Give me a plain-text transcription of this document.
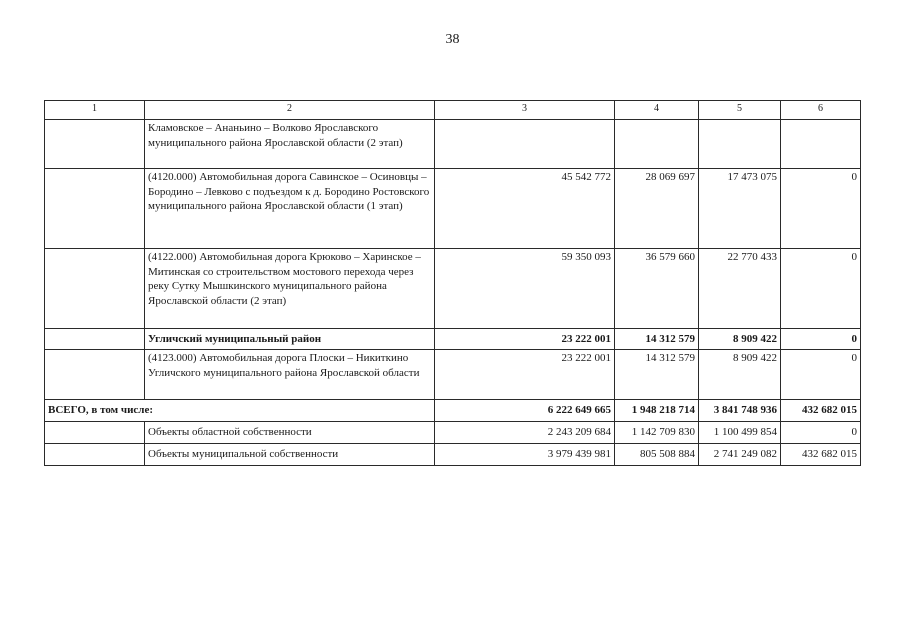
38
1	2	3	4	5	6
	Кламовское – Ананьино – Волково Ярославского муниципального района Ярославской области (2 этап)				
	(4120.000) Автомобильная дорога Савинское – Осиновцы – Бородино – Левково с подъездом к д. Бородино Ростовского муниципального района Ярославской области (1 этап)	45 542 772	28 069 697	17 473 075	0
	(4122.000) Автомобильная дорога Крюково – Харинское – Митинская со строительством мостового перехода через реку Сутку Мышкинского муниципального района Ярославской области (2 этап)	59 350 093	36 579 660	22 770 433	0
	Угличский муниципальный район	23 222 001	14 312 579	8 909 422	0
	(4123.000) Автомобильная дорога Плоски – Никиткино Угличского муниципального района Ярославской области	23 222 001	14 312 579	8 909 422	0
ВСЕГО, в том числе:		6 222 649 665	1 948 218 714	3 841 748 936	432 682 015
	Объекты областной собственности	2 243 209 684	1 142 709 830	1 100 499 854	0
	Объекты муниципальной собственности	3 979 439 981	805 508 884	2 741 249 082	432 682 015
